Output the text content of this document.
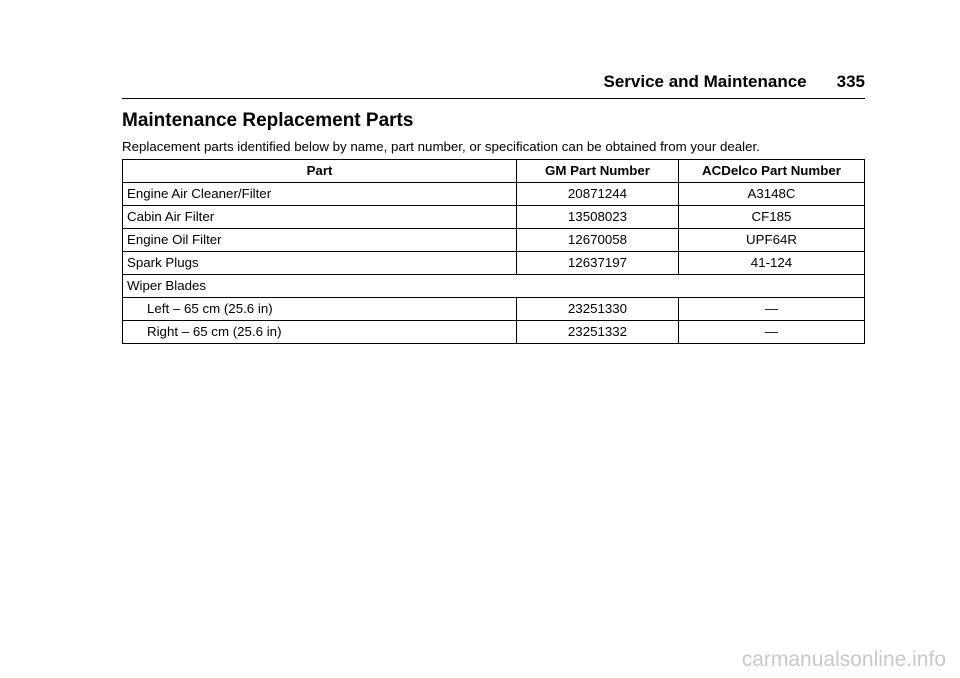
Service and Maintenance 335
Maintenance Replacement Parts

Replacement parts identified below by name, part number, or specification can be obtained from your dealer.

Part	GM Part Number	ACDelco Part Number
Engine Air Cleaner/Filter	20871244	A3148C
Cabin Air Filter	13508023	CF185
Engine Oil Filter	12670058	UPF64R
Spark Plugs	12637197	41-124
Wiper Blades		
Left – 65 cm (25.6 in)	23251330	—
Right – 65 cm (25.6 in)	23251332	—
carmanualsonline.info
